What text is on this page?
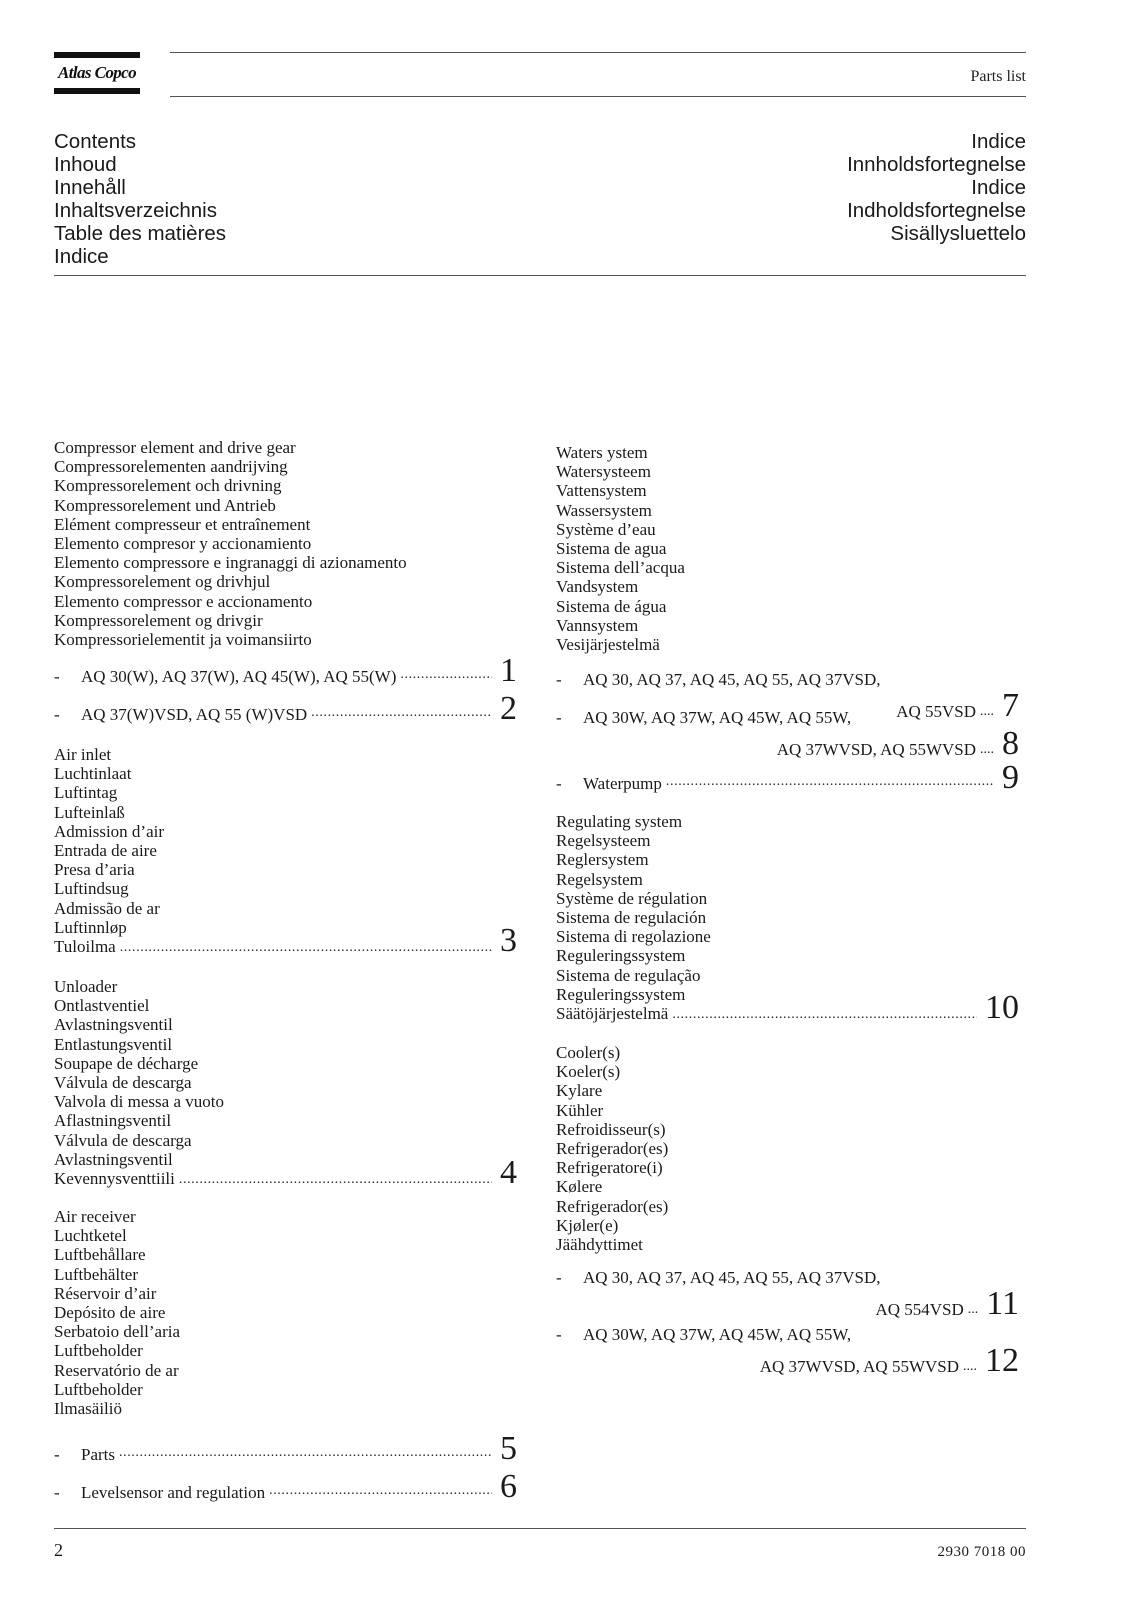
Atlas Copco	Parts list
Contents
Inhoud
Innehåll
Inhaltsverzeichnis
Table des matières
Indice
Indice
Innholdsfortegnelse
Indice
Indholdsfortegnelse
Sisällysluettelo
Compressor element and drive gear
Compressorelementen aandrijving
Kompressorelement och drivning
Kompressorelement und Antrieb
Elément compresseur et entraînement
Elemento compresor y accionamiento
Elemento compressore e ingranaggi di azionamento
Kompressorelement og drivhjul
Elemento compressor e accionamento
Kompressorelement og drivgir
Kompressorielementit ja voimansiirto
-	AQ 30(W), AQ 37(W), AQ 45(W), AQ 55(W) .....	1
-	AQ 37(W)VSD, AQ 55 (W)VSD .....	2
Air inlet
Luchtinlaat
Luftintag
Lufteinlaß
Admission d’air
Entrada de aire
Presa d’aria
Luftindsug
Admissão de ar
Luftinnløp
Tuloilma .....	3
Unloader
Ontlastventiel
Avlastningsventil
Entlastungsventil
Soupape de décharge
Válvula de descarga
Valvola di messa a vuoto
Aflastningsventil
Válvula de descarga
Avlastningsventil
Kevennysventtiili .....	4
Air receiver
Luchtketel
Luftbehållare
Luftbehälter
Réservoir d’air
Depósito de aire
Serbatoio dell’aria
Luftbeholder
Reservatório de ar
Luftbeholder
Ilmasäiliö
-	Parts .....	5
-	Levelsensor and regulation .....	6
Waters ystem
Watersysteem
Vattensystem
Wassersystem
Système d’eau
Sistema de agua
Sistema dell’acqua
Vandsystem
Sistema de água
Vannsystem
Vesijärjestelmä
- AQ 30, AQ 37, AQ 45, AQ 55, AQ 37VSD,
AQ 55VSD .... 7
- AQ 30W, AQ 37W, AQ 45W, AQ 55W,
AQ 37WVSD, AQ 55WVSD .... 8
-	Waterpump .....	9
Regulating system
Regelsysteem
Reglersystem
Regelsystem
Système de régulation
Sistema de regulación
Sistema di regolazione
Reguleringssystem
Sistema de regulação
Reguleringssystem
Säätöjärjestelmä .....	10
Cooler(s)
Koeler(s)
Kylare
Kühler
Refroidisseur(s)
Refrigerador(es)
Refrigeratore(i)
Kølere
Refrigerador(es)
Kjøler(e)
Jäähdyttimet
- AQ 30, AQ 37, AQ 45, AQ 55, AQ 37VSD,
AQ 554VSD ... 11
- AQ 30W, AQ 37W, AQ 45W, AQ 55W,
AQ 37WVSD, AQ 55WVSD .... 12
2	2930 7018 00
